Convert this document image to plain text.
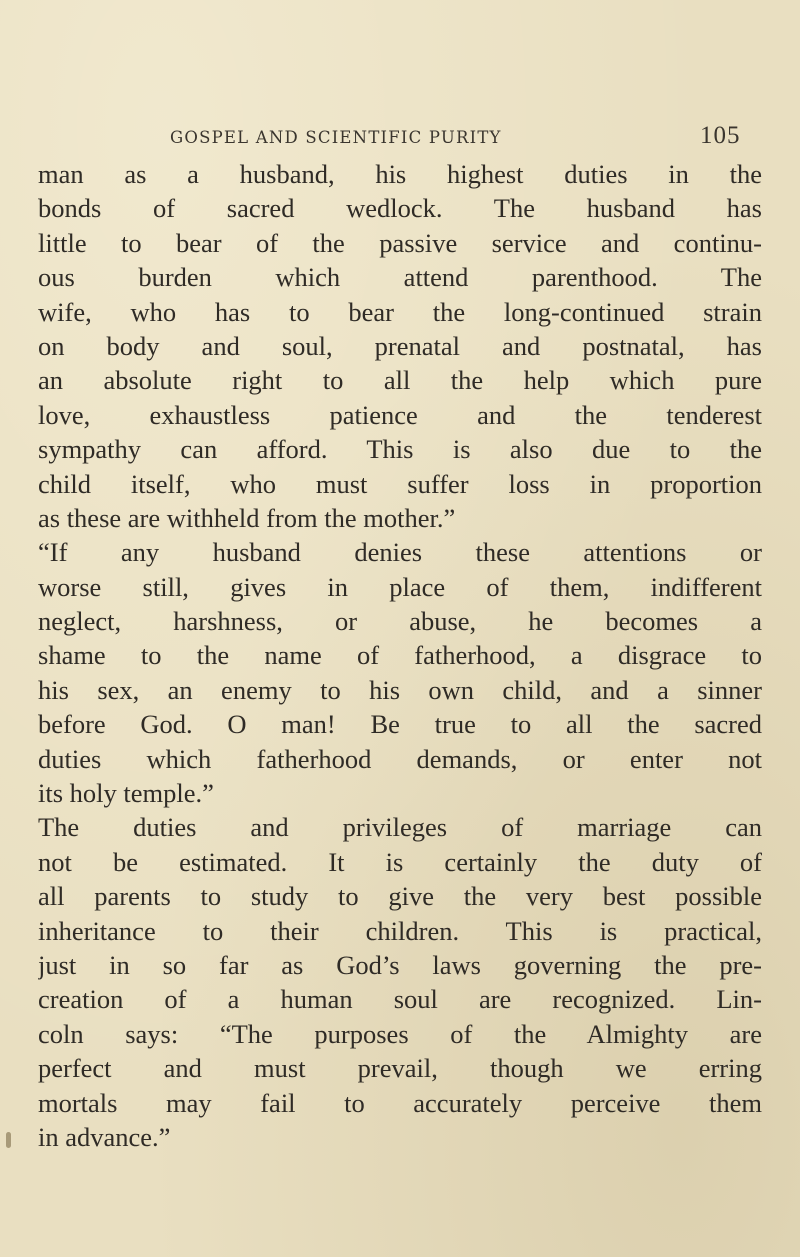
GOSPEL AND SCIENTIFIC PURITY	105
man as a husband, his highest duties in the
bonds of sacred wedlock. The husband has
little to bear of the passive service and continu-
ous burden which attend parenthood. The
wife, who has to bear the long-continued strain
on body and soul, prenatal and postnatal, has
an absolute right to all the help which pure
love, exhaustless patience and the tenderest
sympathy can afford. This is also due to the
child itself, who must suffer loss in proportion
as these are withheld from the mother.”
“If any husband denies these attentions or
worse still, gives in place of them, indifferent
neglect, harshness, or abuse, he becomes a
shame to the name of fatherhood, a disgrace to
his sex, an enemy to his own child, and a sinner
before God. O man! Be true to all the sacred
duties which fatherhood demands, or enter not
its holy temple.”
The duties and privileges of marriage can
not be estimated. It is certainly the duty of
all parents to study to give the very best possible
inheritance to their children. This is practical,
just in so far as God’s laws governing the pre-
creation of a human soul are recognized. Lin-
coln says: “The purposes of the Almighty are
perfect and must prevail, though we erring
mortals may fail to accurately perceive them
in advance.”
